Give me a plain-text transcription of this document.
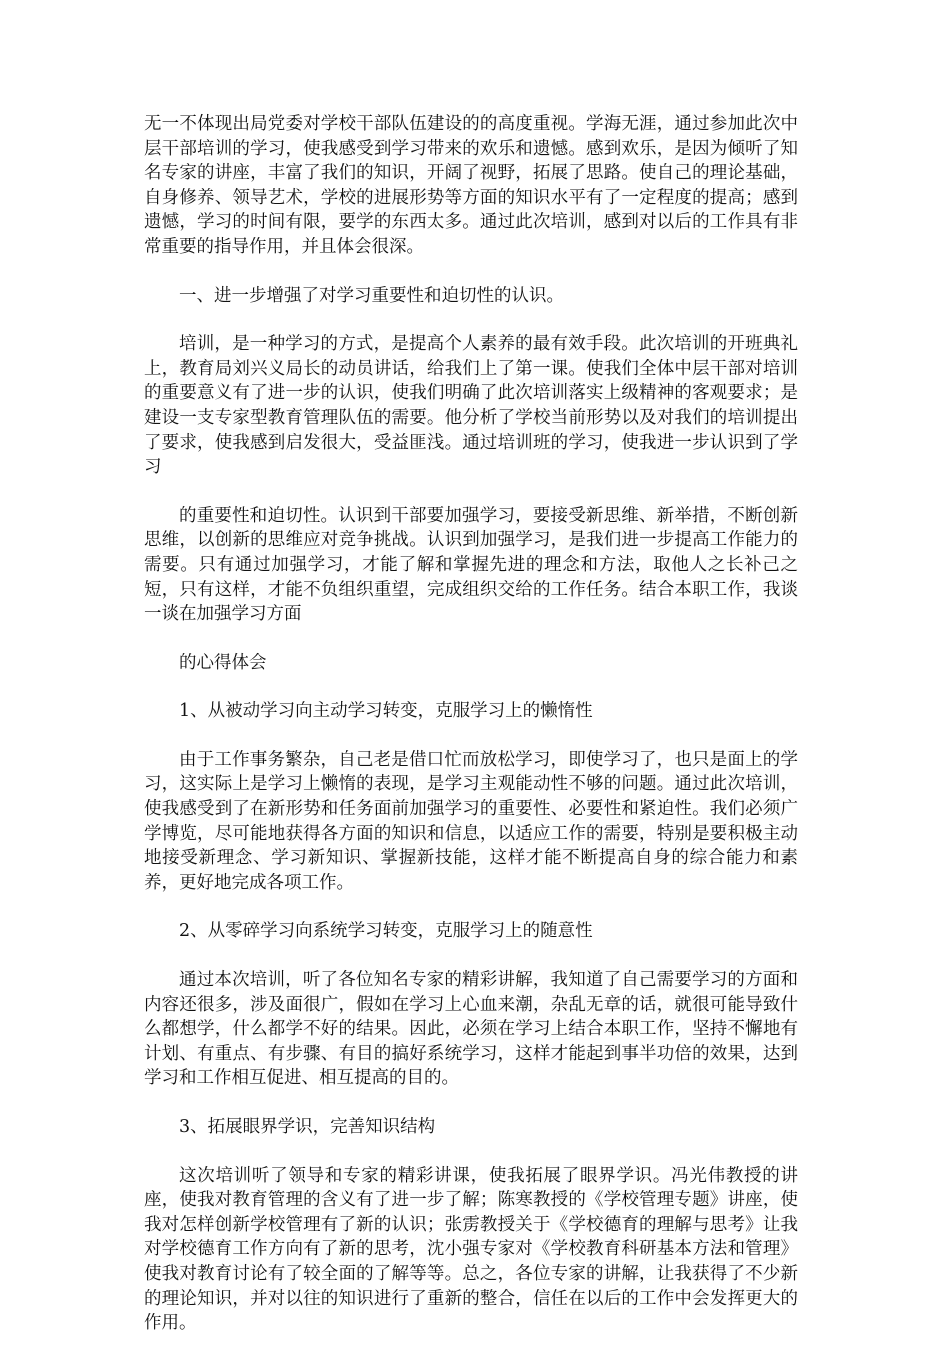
无一不体现出局党委对学校干部队伍建设的的高度重视。学海无涯，通过参加此次中层干部培训的学习，使我感受到学习带来的欢乐和遗憾。感到欢乐，是因为倾听了知名专家的讲座，丰富了我们的知识，开阔了视野，拓展了思路。使自己的理论基础，自身修养、领导艺术，学校的进展形势等方面的知识水平有了一定程度的提高；感到遗憾，学习的时间有限，要学的东西太多。通过此次培训，感到对以后的工作具有非常重要的指导作用，并且体会很深。

一、进一步增强了对学习重要性和迫切性的认识。

培训，是一种学习的方式，是提高个人素养的最有效手段。此次培训的开班典礼上，教育局刘兴义局长的动员讲话，给我们上了第一课。使我们全体中层干部对培训的重要意义有了进一步的认识，使我们明确了此次培训落实上级精神的客观要求；是建设一支专家型教育管理队伍的需要。他分析了学校当前形势以及对我们的培训提出了要求，使我感到启发很大，受益匪浅。通过培训班的学习，使我进一步认识到了学习

的重要性和迫切性。认识到干部要加强学习，要接受新思维、新举措，不断创新思维，以创新的思维应对竞争挑战。认识到加强学习，是我们进一步提高工作能力的需要。只有通过加强学习，才能了解和掌握先进的理念和方法，取他人之长补己之短，只有这样，才能不负组织重望，完成组织交给的工作任务。结合本职工作，我谈一谈在加强学习方面

的心得体会

1、从被动学习向主动学习转变，克服学习上的懒惰性

由于工作事务繁杂，自己老是借口忙而放松学习，即使学习了，也只是面上的学习，这实际上是学习上懒惰的表现，是学习主观能动性不够的问题。通过此次培训，使我感受到了在新形势和任务面前加强学习的重要性、必要性和紧迫性。我们必须广学博览，尽可能地获得各方面的知识和信息，以适应工作的需要，特别是要积极主动地接受新理念、学习新知识、掌握新技能，这样才能不断提高自身的综合能力和素养，更好地完成各项工作。

2、从零碎学习向系统学习转变，克服学习上的随意性

通过本次培训，听了各位知名专家的精彩讲解，我知道了自己需要学习的方面和内容还很多，涉及面很广，假如在学习上心血来潮，杂乱无章的话，就很可能导致什么都想学，什么都学不好的结果。因此，必须在学习上结合本职工作，坚持不懈地有计划、有重点、有步骤、有目的搞好系统学习，这样才能起到事半功倍的效果，达到学习和工作相互促进、相互提高的目的。

3、拓展眼界学识，完善知识结构

这次培训听了领导和专家的精彩讲课，使我拓展了眼界学识。冯光伟教授的讲座，使我对教育管理的含义有了进一步了解；陈寒教授的《学校管理专题》讲座，使我对怎样创新学校管理有了新的认识；张雳教授关于《学校德育的理解与思考》让我对学校德育工作方向有了新的思考，沈小强专家对《学校教育科研基本方法和管理》使我对教育讨论有了较全面的了解等等。总之，各位专家的讲解，让我获得了不少新的理论知识，并对以往的知识进行了重新的整合，信任在以后的工作中会发挥更大的作用。
